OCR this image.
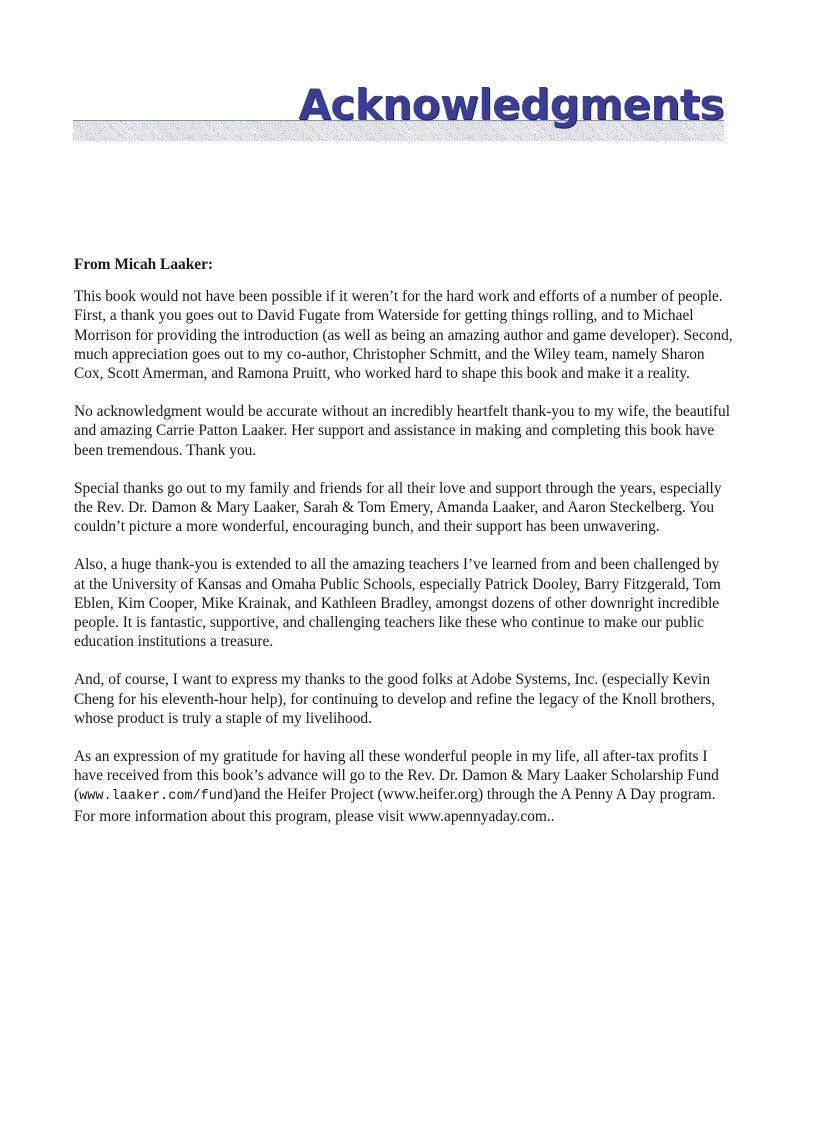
Acknowledgments

From Micah Laaker:

This book would not have been possible if it weren’t for the hard work and efforts of a number of people. First, a thank you goes out to David Fugate from Waterside for getting things rolling, and to Michael Morrison for providing the introduction (as well as being an amazing author and game developer). Second, much appreciation goes out to my co-author, Christopher Schmitt, and the Wiley team, namely Sharon Cox, Scott Amerman, and Ramona Pruitt, who worked hard to shape this book and make it a reality.

No acknowledgment would be accurate without an incredibly heartfelt thank-you to my wife, the beautiful and amazing Carrie Patton Laaker. Her support and assistance in making and completing this book have been tremendous. Thank you.

Special thanks go out to my family and friends for all their love and support through the years, especially the Rev. Dr. Damon & Mary Laaker, Sarah & Tom Emery, Amanda Laaker, and Aaron Steckelberg. You couldn’t picture a more wonderful, encouraging bunch, and their support has been unwavering.

Also, a huge thank-you is extended to all the amazing teachers I’ve learned from and been challenged by at the University of Kansas and Omaha Public Schools, especially Patrick Dooley, Barry Fitzgerald, Tom Eblen, Kim Cooper, Mike Krainak, and Kathleen Bradley, amongst dozens of other downright incredible people. It is fantastic, supportive, and challenging teachers like these who continue to make our public education institutions a treasure.

And, of course, I want to express my thanks to the good folks at Adobe Systems, Inc. (especially Kevin Cheng for his eleventh-hour help), for continuing to develop and refine the legacy of the Knoll brothers, whose product is truly a staple of my livelihood.

As an expression of my gratitude for having all these wonderful people in my life, all after-tax profits I have received from this book’s advance will go to the Rev. Dr. Damon & Mary Laaker Scholarship Fund (www.laaker.com/fund)and the Heifer Project (www.heifer.org) through the A Penny A Day program. For more information about this program, please visit www.apennyaday.com..
